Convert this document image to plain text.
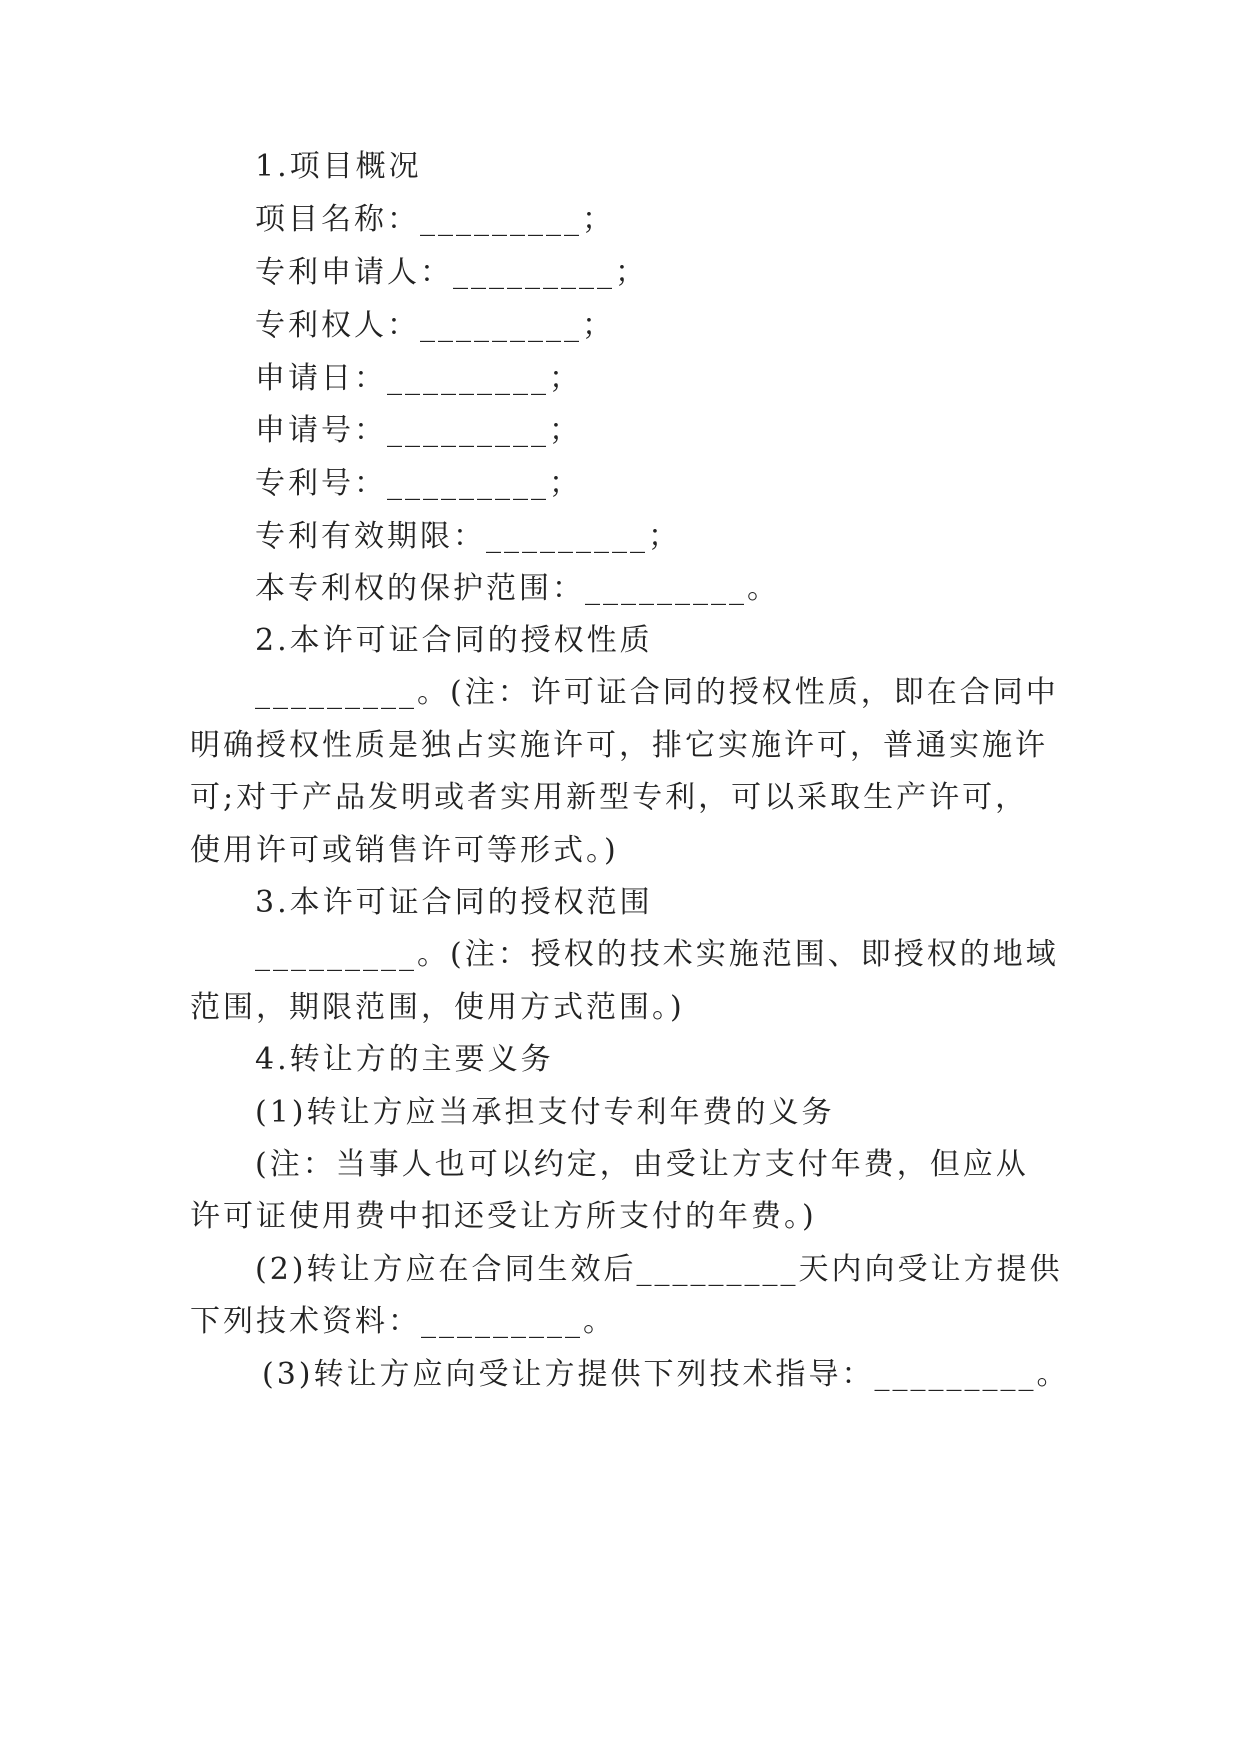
1.项目概况
项目名称：_________；
专利申请人：_________；
专利权人：_________；
申请日：_________；
申请号：_________；
专利号：_________；
专利有效期限：_________；
本专利权的保护范围：_________。
2.本许可证合同的授权性质
_________。(注：许可证合同的授权性质，即在合同中
明确授权性质是独占实施许可，排它实施许可，普通实施许
可;对于产品发明或者实用新型专利，可以采取生产许可，
使用许可或销售许可等形式。)
3.本许可证合同的授权范围
_________。(注：授权的技术实施范围、即授权的地域
范围，期限范围，使用方式范围。)
4.转让方的主要义务
(1)转让方应当承担支付专利年费的义务
(注：当事人也可以约定，由受让方支付年费，但应从
许可证使用费中扣还受让方所支付的年费。)
(2)转让方应在合同生效后_________天内向受让方提供
下列技术资料：_________。
(3)转让方应向受让方提供下列技术指导：_________。
